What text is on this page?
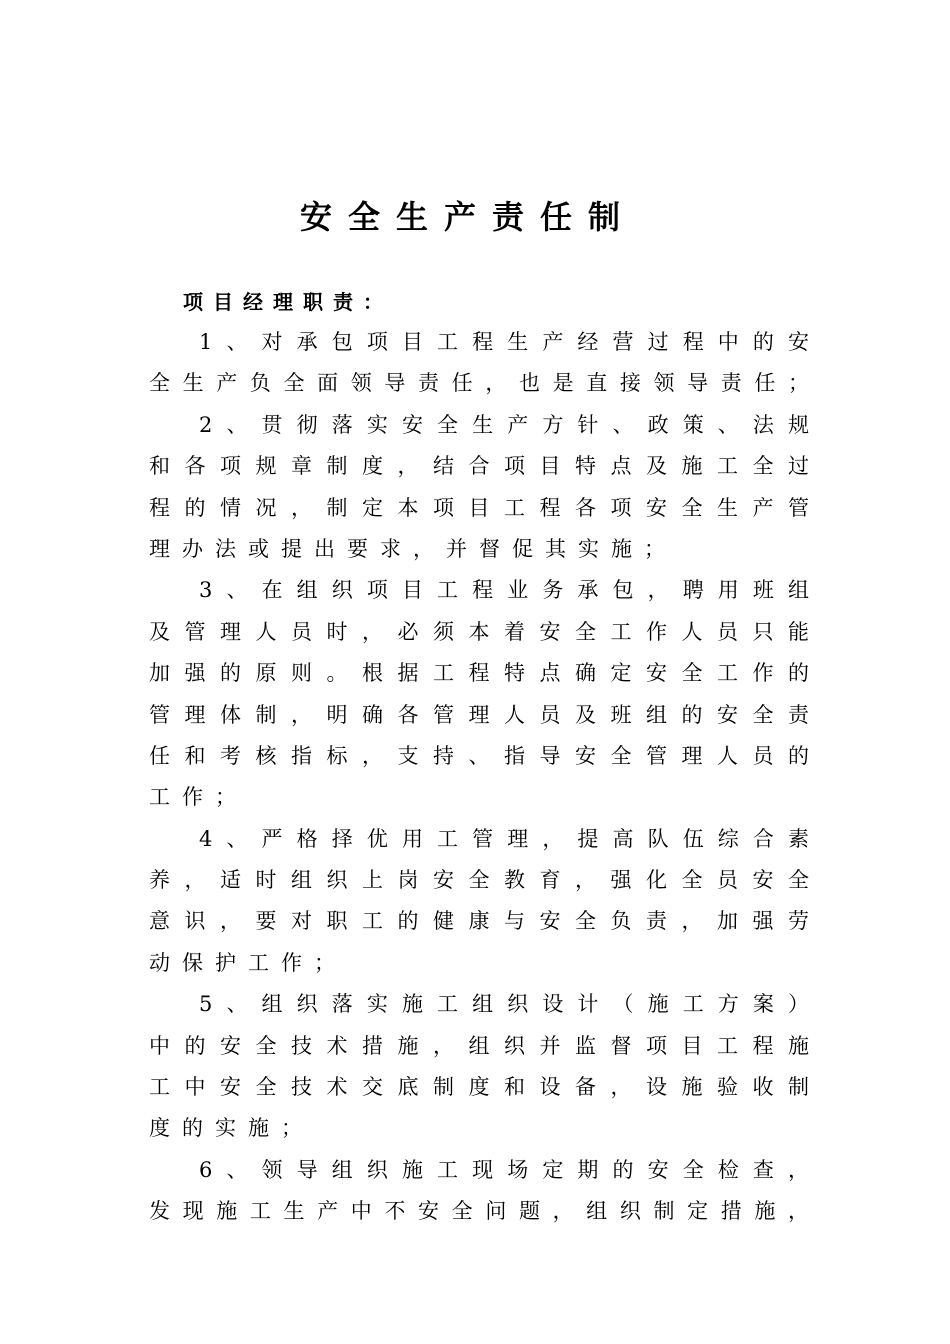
安全生产责任制
项目经理职责：
1、对承包项目工程生产经营过程中的安
全生产负全面领导责任，也是直接领导责任；
2、贯彻落实安全生产方针、政策、法规
和各项规章制度，结合项目特点及施工全过
程的情况，制定本项目工程各项安全生产管
理办法或提出要求，并督促其实施；
3、在组织项目工程业务承包，聘用班组
及管理人员时，必须本着安全工作人员只能
加强的原则。根据工程特点确定安全工作的
管理体制，明确各管理人员及班组的安全责
任和考核指标，支持、指导安全管理人员的
工作；
4、严格择优用工管理，提高队伍综合素
养，适时组织上岗安全教育，强化全员安全
意识，要对职工的健康与安全负责，加强劳
动保护工作；
5、组织落实施工组织设计（施工方案）
中的安全技术措施，组织并监督项目工程施
工中安全技术交底制度和设备，设施验收制
度的实施；
6、领导组织施工现场定期的安全检查，
发现施工生产中不安全问题，组织制定措施，
